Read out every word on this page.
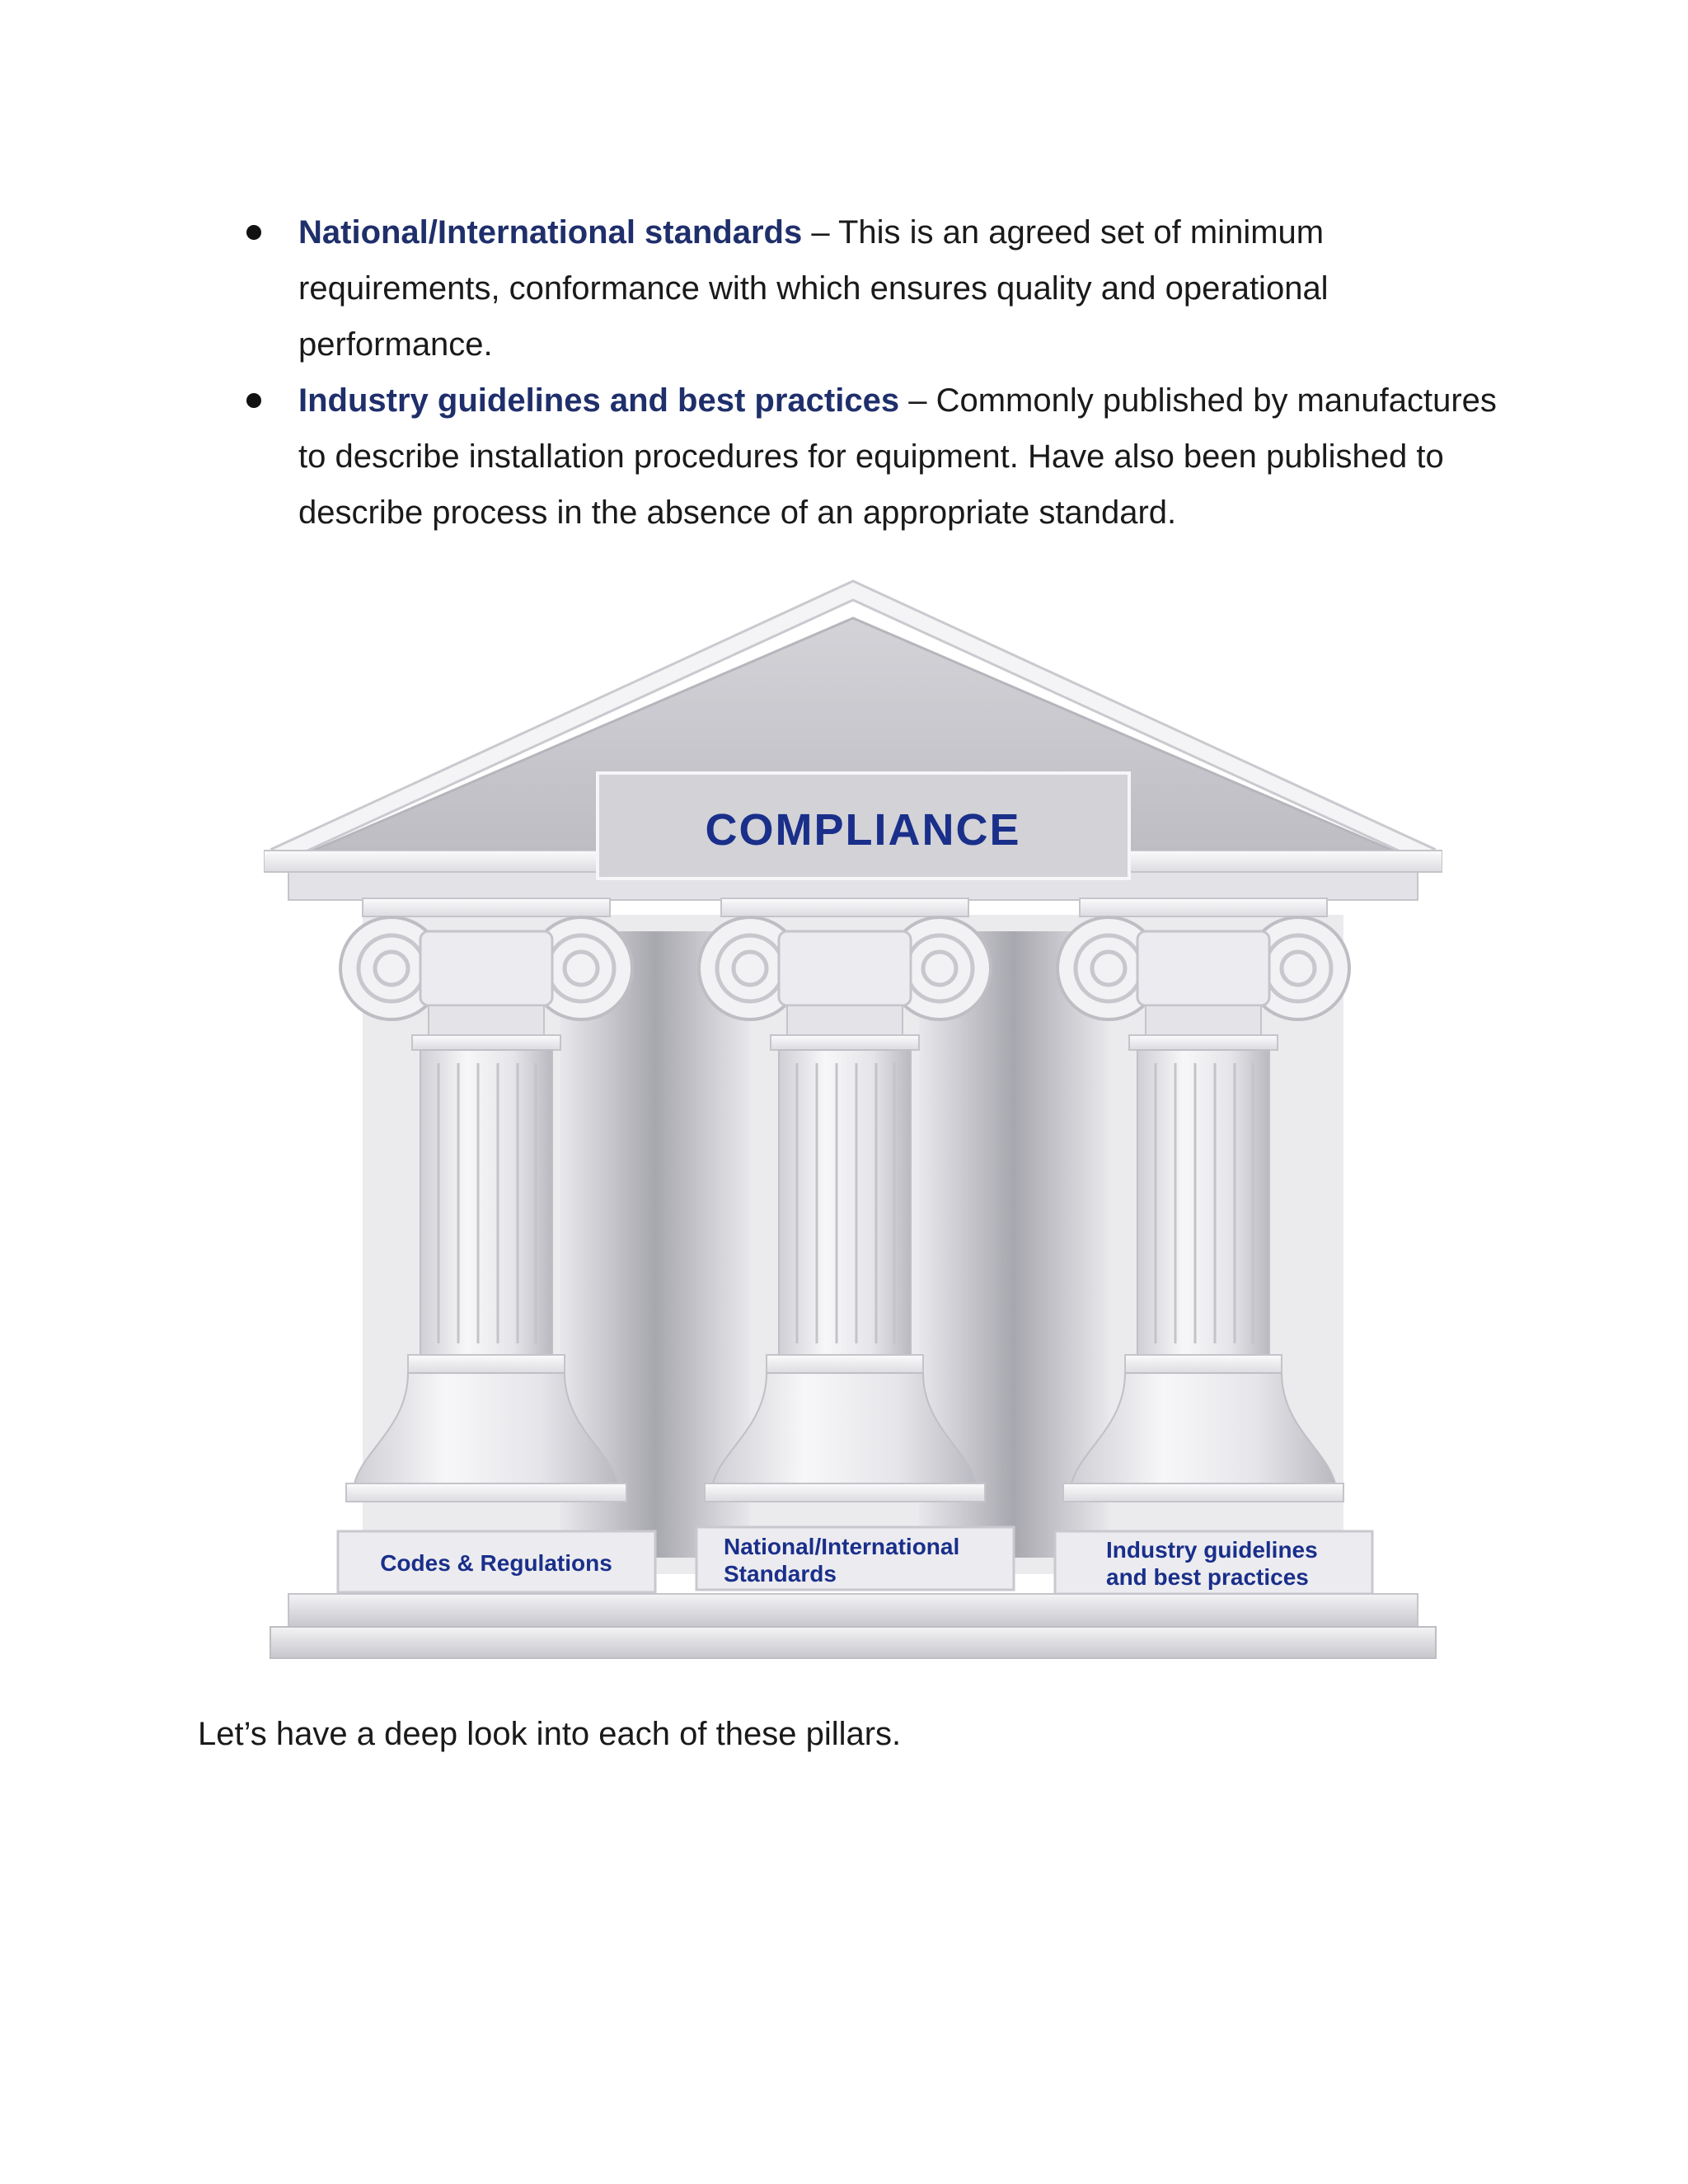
National/International standards – This is an agreed set of minimum requirements, conformance with which ensures quality and operational performance.
Industry guidelines and best practices – Commonly published by manufactures to describe installation procedures for equipment. Have also been published to describe process in the absence of an appropriate standard.
COMPLIANCE
Codes & Regulations
National/International
Standards
Industry guidelines
and best practices

Let’s have a deep look into each of these pillars.
